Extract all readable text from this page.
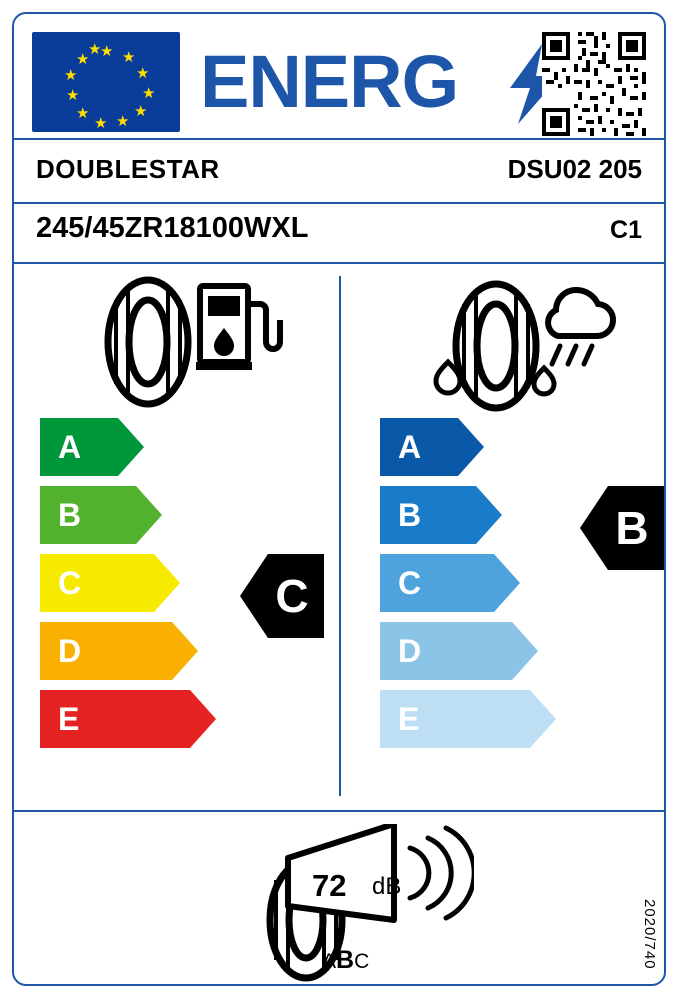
★ ★
★
★
★
★
★
★
★
★
★
★ ENERG
DOUBLESTAR	DSU02 205
245/45ZR18100WXL	C1
A
B
C
D
E
C
A
B
C
D
E
B
72 dB
ABC	2020/740
